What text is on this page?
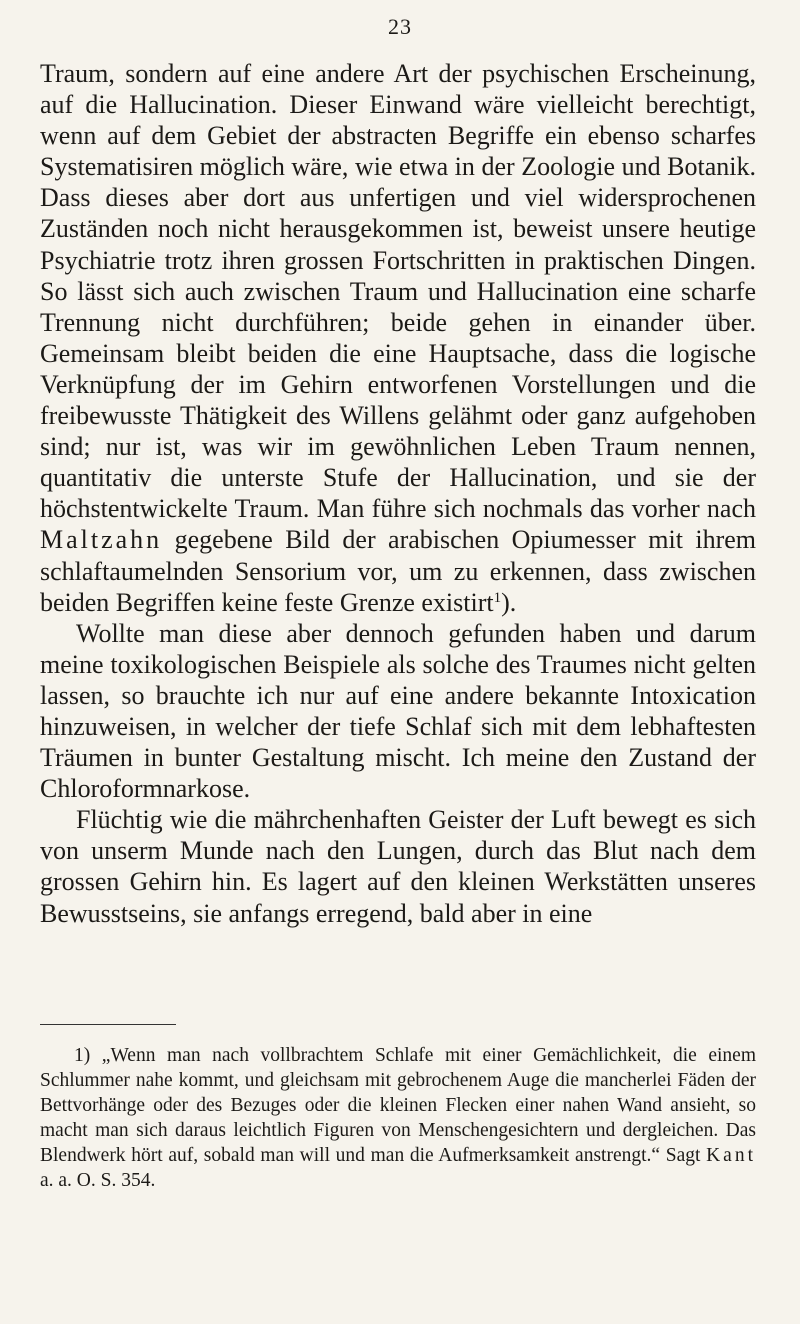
23

Traum, sondern auf eine andere Art der psychischen Erscheinung, auf die Hallucination. Dieser Einwand wäre vielleicht berechtigt, wenn auf dem Gebiet der abstracten Begriffe ein ebenso scharfes Systematisiren möglich wäre, wie etwa in der Zoologie und Botanik. Dass dieses aber dort aus unfertigen und viel widersprochenen Zuständen noch nicht herausgekommen ist, beweist unsere heutige Psychiatrie trotz ihren grossen Fortschritten in praktischen Dingen. So lässt sich auch zwischen Traum und Hallucination eine scharfe Trennung nicht durchführen; beide gehen in einander über. Gemeinsam bleibt beiden die eine Hauptsache, dass die logische Verknüpfung der im Gehirn entworfenen Vorstellungen und die freibewusste Thätigkeit des Willens gelähmt oder ganz aufgehoben sind; nur ist, was wir im gewöhnlichen Leben Traum nennen, quantitativ die unterste Stufe der Hallucination, und sie der höchstentwickelte Traum. Man führe sich nochmals das vorher nach Maltzahn gegebene Bild der arabischen Opiumesser mit ihrem schlaftaumelnden Sensorium vor, um zu erkennen, dass zwischen beiden Begriffen keine feste Grenze existirt$^1$).

Wollte man diese aber dennoch gefunden haben und darum meine toxikologischen Beispiele als solche des Traumes nicht gelten lassen, so brauchte ich nur auf eine andere bekannte Intoxication hinzuweisen, in welcher der tiefe Schlaf sich mit dem lebhaftesten Träumen in bunter Gestaltung mischt. Ich meine den Zustand der Chloroformnarkose.

Flüchtig wie die mährchenhaften Geister der Luft bewegt es sich von unserm Munde nach den Lungen, durch das Blut nach dem grossen Gehirn hin. Es lagert auf den kleinen Werkstätten unseres Bewusstseins, sie anfangs erregend, bald aber in eine

1) „Wenn man nach vollbrachtem Schlafe mit einer Gemächlichkeit, die einem Schlummer nahe kommt, und gleichsam mit gebrochenem Auge die mancherlei Fäden der Bettvorhänge oder des Bezuges oder die kleinen Flecken einer nahen Wand ansieht, so macht man sich daraus leichtlich Figuren von Menschengesichtern und dergleichen. Das Blendwerk hört auf, sobald man will und man die Aufmerksamkeit anstrengt.“ Sagt Kant a. a. O. S. 354.
